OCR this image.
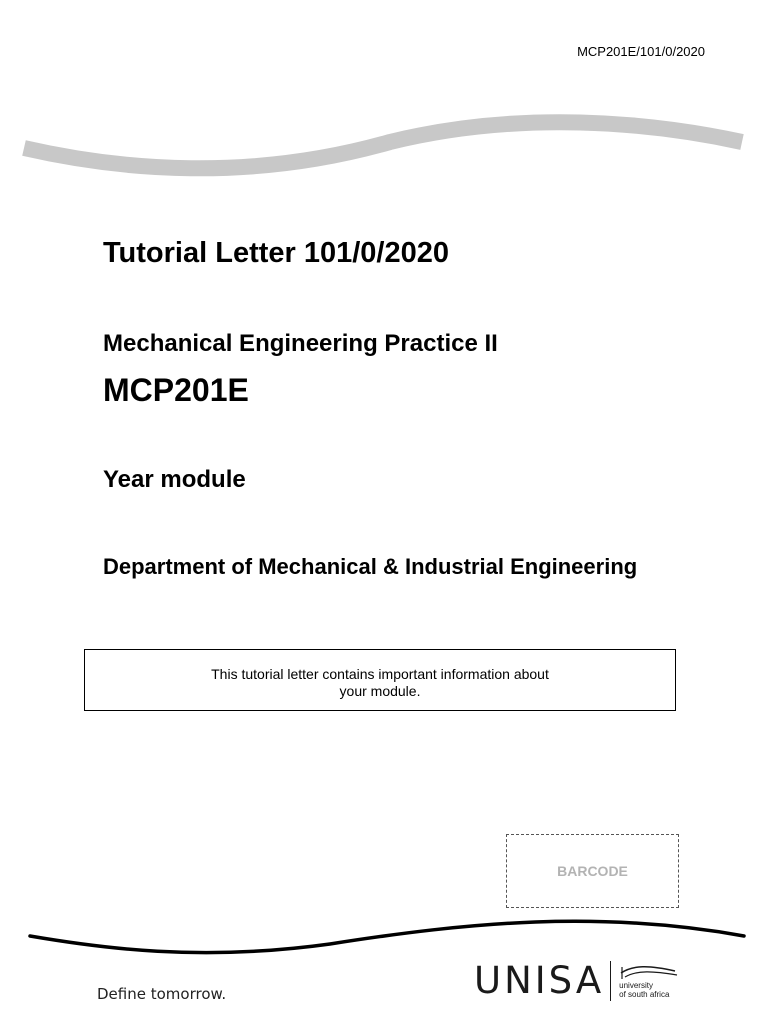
MCP201E/101/0/2020
Tutorial Letter 101/0/2020
Mechanical Engineering Practice II
MCP201E
Year module
Department of Mechanical & Industrial Engineering
This tutorial letter contains important information about your module.
BARCODE
Define tomorrow.	UNISA university
of south africa
